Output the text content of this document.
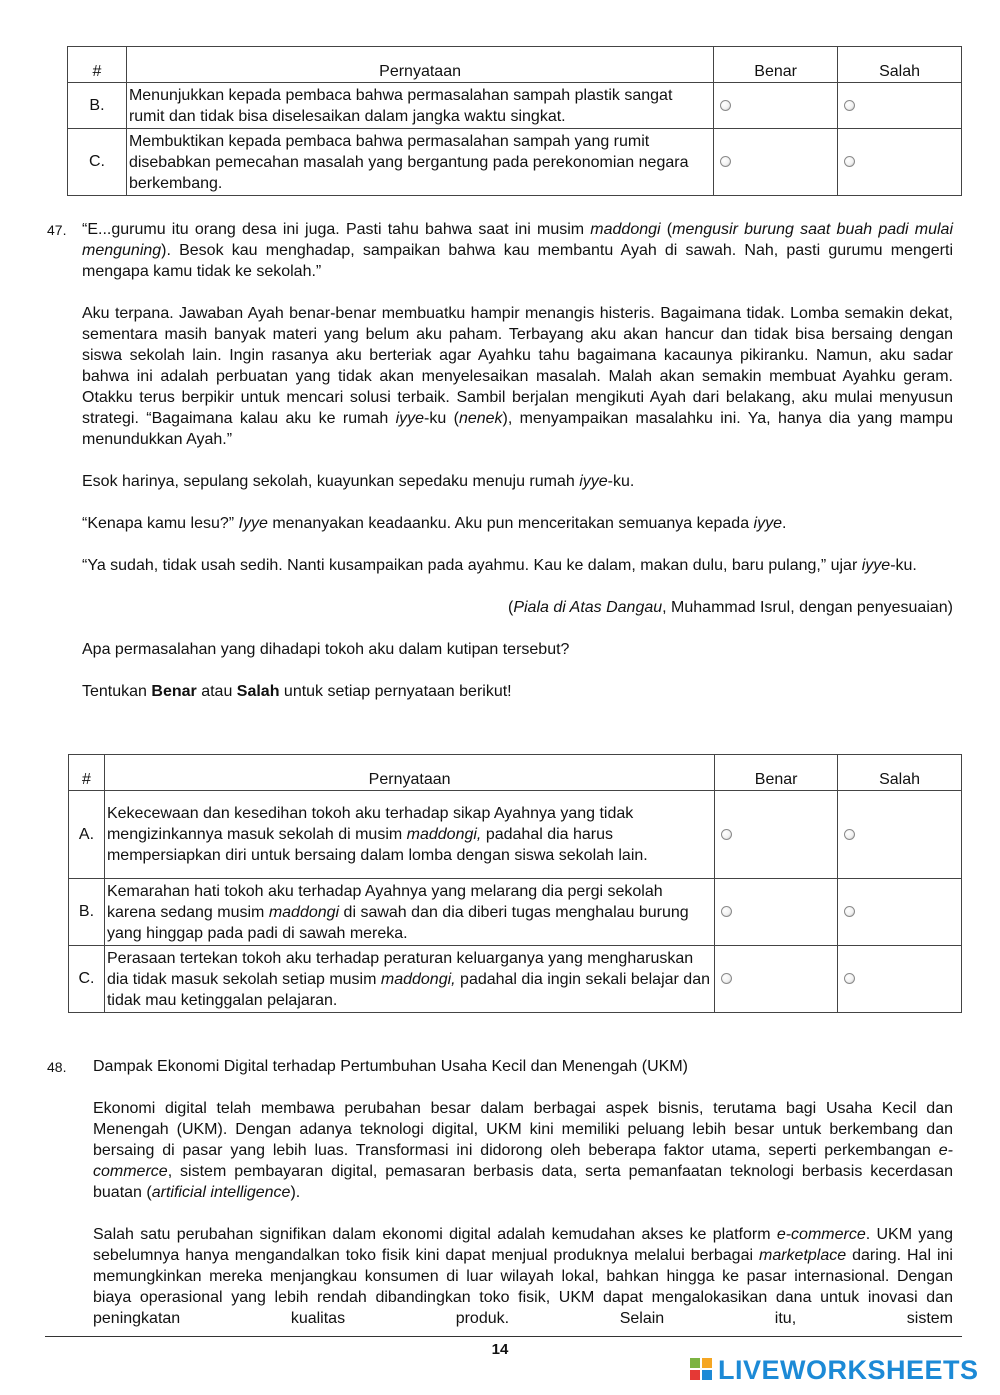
#	Pernyataan	Benar	Salah
B.	Menunjukkan kepada pembaca bahwa permasalahan sampah plastik sangat rumit dan tidak bisa diselesaikan dalam jangka waktu singkat.	

C.	Membuktikan kepada pembaca bahwa permasalahan sampah yang rumit disebabkan pemecahan masalah yang bergantung pada perekonomian negara berkembang.	

47. “E...gurumu itu orang desa ini juga. Pasti tahu bahwa saat ini musim maddongi (mengusir burung saat buah padi mulai menguning). Besok kau menghadap, sampaikan bahwa kau membantu Ayah di sawah. Nah, pasti gurumu mengerti mengapa kamu tidak ke sekolah.”

Aku terpana. Jawaban Ayah benar-benar membuatku hampir menangis histeris. Bagaimana tidak. Lomba semakin dekat, sementara masih banyak materi yang belum aku paham. Terbayang aku akan hancur dan tidak bisa bersaing dengan siswa sekolah lain. Ingin rasanya aku berteriak agar Ayahku tahu bagaimana kacaunya pikiranku. Namun, aku sadar bahwa ini adalah perbuatan yang tidak akan menyelesaikan masalah. Malah akan semakin membuat Ayahku geram. Otakku terus berpikir untuk mencari solusi terbaik. Sambil berjalan mengikuti Ayah dari belakang, aku mulai menyusun strategi. “Bagaimana kalau aku ke rumah iyye-ku (nenek), menyampaikan masalahku ini. Ya, hanya dia yang mampu menundukkan Ayah.”

Esok harinya, sepulang sekolah, kuayunkan sepedaku menuju rumah iyye-ku.

“Kenapa kamu lesu?” Iyye menanyakan keadaanku. Aku pun menceritakan semuanya kepada iyye.

“Ya sudah, tidak usah sedih. Nanti kusampaikan pada ayahmu. Kau ke dalam, makan dulu, baru pulang,” ujar iyye-ku.

(Piala di Atas Dangau, Muhammad Isrul, dengan penyesuaian)

Apa permasalahan yang dihadapi tokoh aku dalam kutipan tersebut?

Tentukan Benar atau Salah untuk setiap pernyataan berikut!

#	Pernyataan	Benar	Salah
A.	Kekecewaan dan kesedihan tokoh aku terhadap sikap Ayahnya yang tidak mengizinkannya masuk sekolah di musim maddongi, padahal dia harus mempersiapkan diri untuk bersaing dalam lomba dengan siswa sekolah lain.	

B.	Kemarahan hati tokoh aku terhadap Ayahnya yang melarang dia pergi sekolah karena sedang musim maddongi di sawah dan dia diberi tugas menghalau burung yang hinggap pada padi di sawah mereka.	

C.	Perasaan tertekan tokoh aku terhadap peraturan keluarganya yang mengharuskan dia tidak masuk sekolah setiap musim maddongi, padahal dia ingin sekali belajar dan tidak mau ketinggalan pelajaran.	

48. Dampak Ekonomi Digital terhadap Pertumbuhan Usaha Kecil dan Menengah (UKM)

Ekonomi digital telah membawa perubahan besar dalam berbagai aspek bisnis, terutama bagi Usaha Kecil dan Menengah (UKM). Dengan adanya teknologi digital, UKM kini memiliki peluang lebih besar untuk berkembang dan bersaing di pasar yang lebih luas. Transformasi ini didorong oleh beberapa faktor utama, seperti perkembangan e-commerce, sistem pembayaran digital, pemasaran berbasis data, serta pemanfaatan teknologi berbasis kecerdasan buatan (artificial intelligence).

Salah satu perubahan signifikan dalam ekonomi digital adalah kemudahan akses ke platform e-commerce. UKM yang sebelumnya hanya mengandalkan toko fisik kini dapat menjual produknya melalui berbagai marketplace daring. Hal ini memungkinkan mereka menjangkau konsumen di luar wilayah lokal, bahkan hingga ke pasar internasional. Dengan biaya operasional yang lebih rendah dibandingkan toko fisik, UKM dapat mengalokasikan dana untuk inovasi dan peningkatan kualitas produk. Selain itu, sistem

14
LIVEWORKSHEETS
